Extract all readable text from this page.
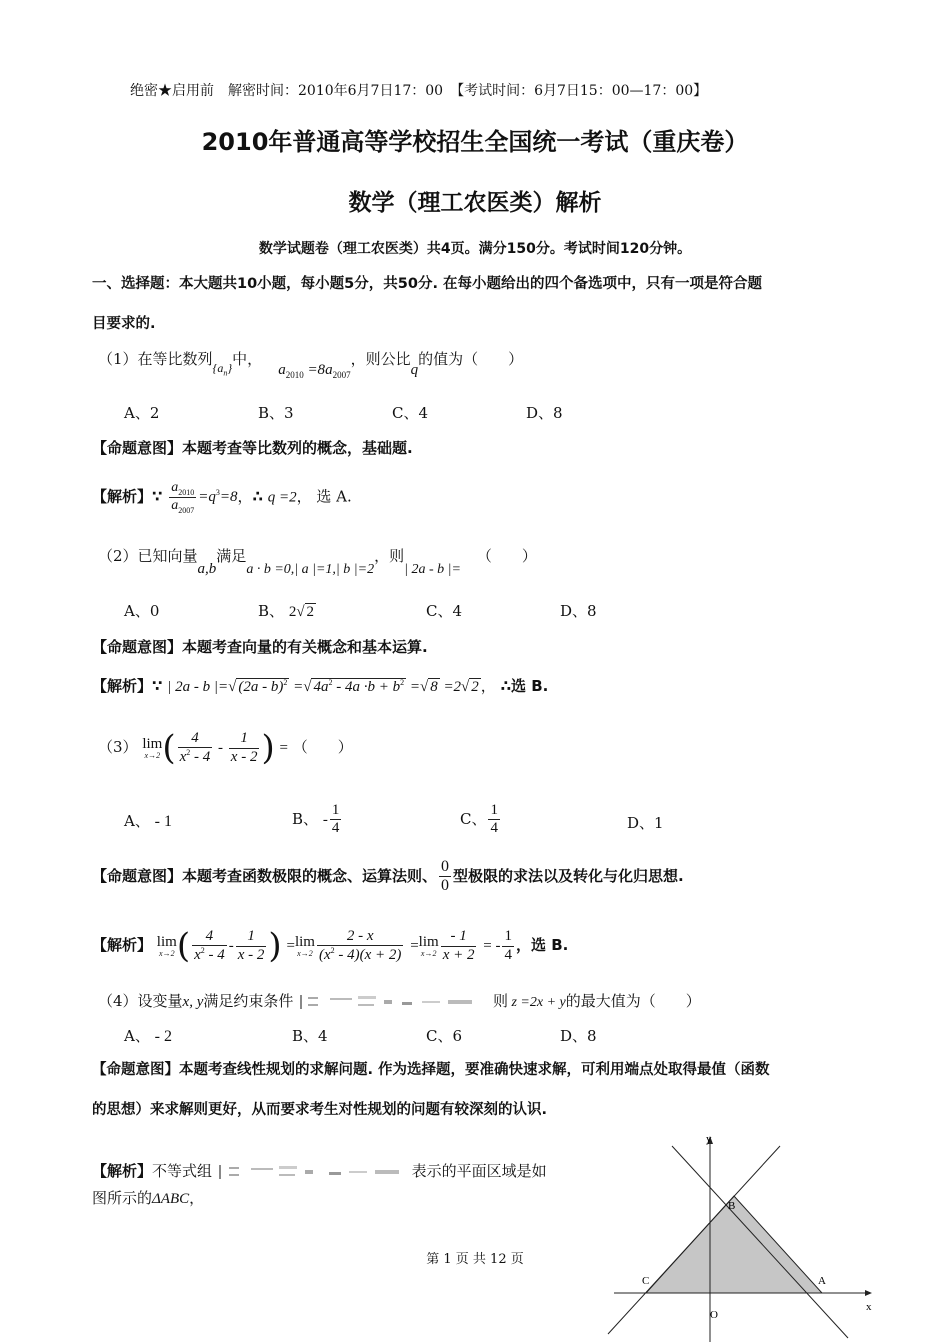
绝密★启用前　解密时间：2010年6月7日17：00　【考试时间：6月7日15：00—17：00】
2010年普通高等学校招生全国统一考试（重庆卷）
数学（理工农医类）解析
数学试题卷（理工农医类）共4页。满分150分。考试时间120分钟。
一、选择题：本大题共10小题，每小题5分，共50分. 在每小题给出的四个备选项中，只有一项是符合题
目要求的.
（1）在等比数列$_{\{a_n\}}$中，$a_{2010} =8a_{2007}$，则公比q的值为（　　）
A、2	B、3	C、4	D、8
【命题意图】本题考查等比数列的概念，基础题.
【解析】∵ $\frac{a_{2010}}{a_{2007}} =q^3=8$，∴ q =2， 选 A.
（2）已知向量a,b满足a · b =0,| a |=1,| b |=2，则| 2a - b |=（　　）
A、0	B、 2√ 2	C、4	D、8
【命题意图】本题考查向量的有关概念和基本运算.
【解析】∵ | 2a - b |=√ (2a - b)$^2$ =√ $4a^2 - 4a \cdot b + b^2$ =√ 8 =2√ 2 ， ∴选 B.
（3） lim
x→2 ( $\frac{4}{x^2 - 4} - \frac{1}{x - 2}$ ) = （　　）
A、 - 1	B、 - $\frac{1}{4}$	C、 $\frac{1}{4}$	D、1
【命题意图】本题考查函数极限的概念、运算法则、 $\frac{0}{0}$ 型极限的求法以及转化与化归思想.
【解析】 lim
x→2 ( $\frac{4}{x^2 - 4} - \frac{1}{x - 2}$ ) =lim
$x\to 2 \frac{2 - x}{(x^2 - 4)(x + 2)} =\lim$
$x\to 2 \frac{- 1}{x + 2}$ = - $\frac{1}{4}$ ，选 B.
（4）设变量x, y满足约束条件	则 z =2x + y的最大值为（　　）
A、 - 2	B、4	C、6	D、8
【命题意图】本题考查线性规划的求解问题. 作为选择题，要准确快速求解，可利用端点处取得最值（函数
的思想）来求解则更好，从而要求考生对性规划的问题有较深刻的认识.
【解析】不等式组	表示的平面区域是如
图所示的ΔABC，
y
x
O
B
C	A
第 1 页 共 12 页
